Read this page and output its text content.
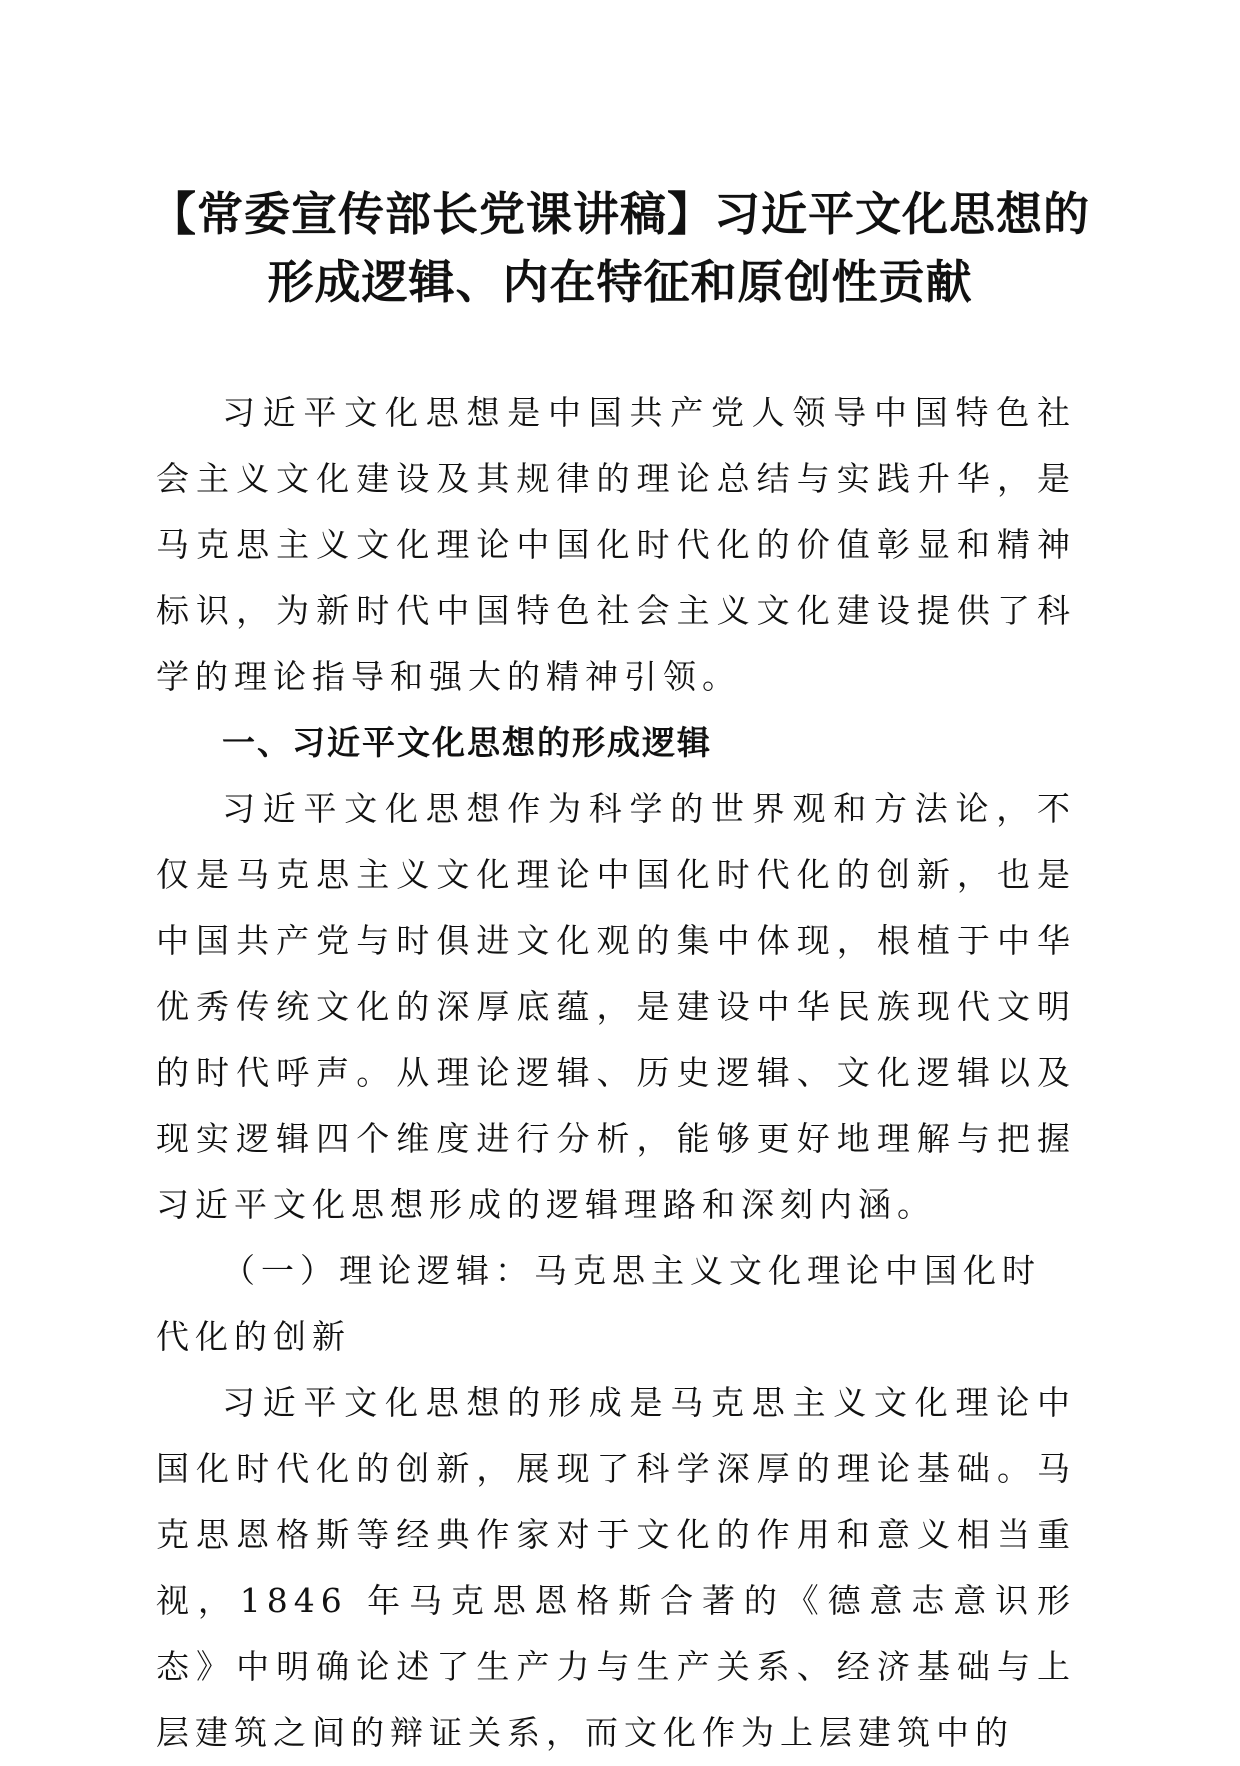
【常委宣传部长党课讲稿】习近平文化思想的
形成逻辑、内在特征和原创性贡献

习近平文化思想是中国共产党人领导中国特色社会主义文化建设及其规律的理论总结与实践升华，是马克思主义文化理论中国化时代化的价值彰显和精神标识，为新时代中国特色社会主义文化建设提供了科学的理论指导和强大的精神引领。

一、习近平文化思想的形成逻辑

习近平文化思想作为科学的世界观和方法论，不仅是马克思主义文化理论中国化时代化的创新，也是中国共产党与时俱进文化观的集中体现，根植于中华优秀传统文化的深厚底蕴，是建设中华民族现代文明的时代呼声。从理论逻辑、历史逻辑、文化逻辑以及现实逻辑四个维度进行分析，能够更好地理解与把握习近平文化思想形成的逻辑理路和深刻内涵。

（一）理论逻辑：马克思主义文化理论中国化时代化的创新

习近平文化思想的形成是马克思主义文化理论中国化时代化的创新，展现了科学深厚的理论基础。马克思恩格斯等经典作家对于文化的作用和意义相当重视，1846 年马克思恩格斯合著的《德意志意识形态》中明确论述了生产力与生产关系、经济基础与上层建筑之间的辩证关系，而文化作为上层建筑中的
